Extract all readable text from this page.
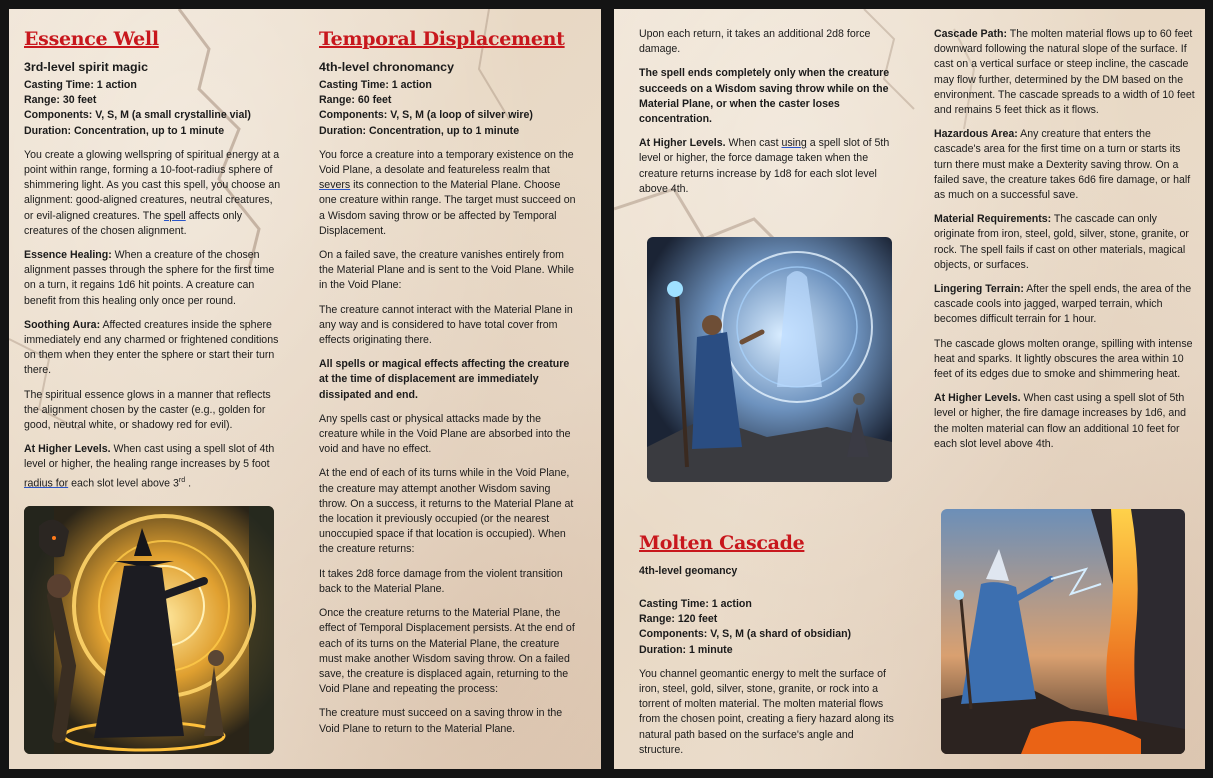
Essence Well
3rd-level spirit magic
Casting Time: 1 action
Range: 30 feet
Components: V, S, M (a small crystalline vial)
Duration: Concentration, up to 1 minute

You create a glowing wellspring of spiritual energy at a point within range, forming a 10-foot-radius sphere of shimmering light. As you cast this spell, you choose an alignment: good-aligned creatures, neutral creatures, or evil-aligned creatures. The spell affects only creatures of the chosen alignment.

Essence Healing: When a creature of the chosen alignment passes through the sphere for the first time on a turn, it regains 1d6 hit points. A creature can benefit from this healing only once per round.

Soothing Aura: Affected creatures inside the sphere immediately end any charmed or frightened conditions on them when they enter the sphere or start their turn there.

The spiritual essence glows in a manner that reflects the alignment chosen by the caster (e.g., golden for good, neutral white, or shadowy red for evil).

At Higher Levels. When cast using a spell slot of 4th level or higher, the healing range increases by 5 foot radius for each slot level above 3rd .

Temporal Displacement
4th-level chronomancy
Casting Time: 1 action
Range: 60 feet
Components: V, S, M (a loop of silver wire)
Duration: Concentration, up to 1 minute

You force a creature into a temporary existence on the Void Plane, a desolate and featureless realm that severs its connection to the Material Plane. Choose one creature within range. The target must succeed on a Wisdom saving throw or be affected by Temporal Displacement.

On a failed save, the creature vanishes entirely from the Material Plane and is sent to the Void Plane. While in the Void Plane:

The creature cannot interact with the Material Plane in any way and is considered to have total cover from effects originating there.

All spells or magical effects affecting the creature at the time of displacement are immediately dissipated and end.

Any spells cast or physical attacks made by the creature while in the Void Plane are absorbed into the void and have no effect.

At the end of each of its turns while in the Void Plane, the creature may attempt another Wisdom saving throw. On a success, it returns to the Material Plane at the location it previously occupied (or the nearest unoccupied space if that location is occupied). When the creature returns:

It takes 2d8 force damage from the violent transition back to the Material Plane.

Once the creature returns to the Material Plane, the effect of Temporal Displacement persists. At the end of each of its turns on the Material Plane, the creature must make another Wisdom saving throw. On a failed save, the creature is displaced again, returning to the Void Plane and repeating the process:

The creature must succeed on a saving throw in the Void Plane to return to the Material Plane.

Upon each return, it takes an additional 2d8 force damage.

The spell ends completely only when the creature succeeds on a Wisdom saving throw while on the Material Plane, or when the caster loses concentration.

At Higher Levels. When cast using a spell slot of 5th level or higher, the force damage taken when the creature returns increase by 1d8 for each slot level above 4th.

Molten Cascade
4th-level geomancy
Casting Time: 1 action
Range: 120 feet
Components: V, S, M (a shard of obsidian)
Duration: 1 minute

You channel geomantic energy to melt the surface of iron, steel, gold, silver, stone, granite, or rock into a torrent of molten material. The molten material flows from the chosen point, creating a fiery hazard along its natural path based on the surface's angle and structure.

Cascade Path: The molten material flows up to 60 feet downward following the natural slope of the surface. If cast on a vertical surface or steep incline, the cascade may flow further, determined by the DM based on the environment. The cascade spreads to a width of 10 feet and remains 5 feet thick as it flows.

Hazardous Area: Any creature that enters the cascade's area for the first time on a turn or starts its turn there must make a Dexterity saving throw. On a failed save, the creature takes 6d6 fire damage, or half as much on a successful save.

Material Requirements: The cascade can only originate from iron, steel, gold, silver, stone, granite, or rock. The spell fails if cast on other materials, magical objects, or surfaces.

Lingering Terrain: After the spell ends, the area of the cascade cools into jagged, warped terrain, which becomes difficult terrain for 1 hour.

The cascade glows molten orange, spilling with intense heat and sparks. It lightly obscures the area within 10 feet of its edges due to smoke and shimmering heat.

At Higher Levels. When cast using a spell slot of 5th level or higher, the fire damage increases by 1d6, and the molten material can flow an additional 10 feet for each slot level above 4th.
